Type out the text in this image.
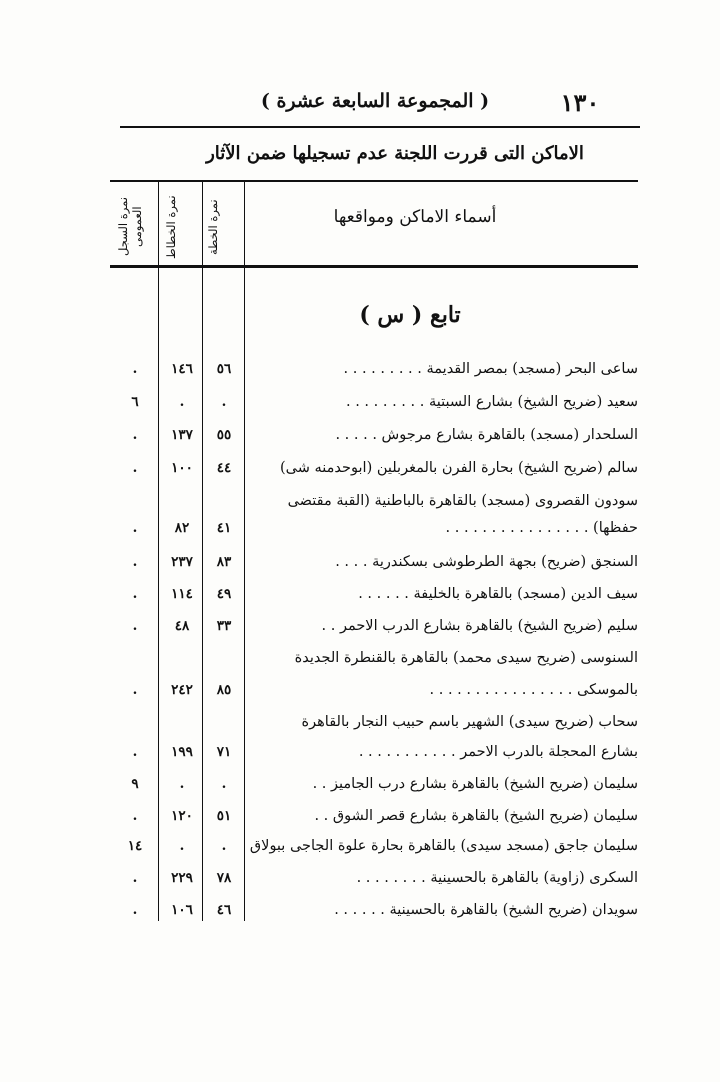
١٣٠
( المجموعة السابعة عشرة )
الاماكن التى قررت اللجنة عدم تسجيلها ضمن الآثار
أسماء الاماكن ومواقعها
نمرة الخطة
نمرة الخطاط
نمرة السجل العمومى
تابع ( س )
ساعى البحر (مسجد) بمصر القديمة . . . . . . . . .
٥٦
١٤٦
.
سعيد (ضريح الشيخ) بشارع السبتية . . . . . . . . .
.
.
٦
السلحدار (مسجد) بالقاهرة بشارع مرجوش . . . . .
٥٥
١٣٧
.
سالم (ضريح الشيخ) بحارة الفرن بالمغربلين (ابوحدمنه شى)
٤٤
١٠٠
.
سودون القصروى (مسجد) بالقاهرة بالباطنية (القبة مقتضى
حفظها) . . . . . . . . . . . . . . . .
٤١
٨٢
.
السنجق (ضريح) بجهة الطرطوشى بسكندرية . . . .
٨٣
٢٣٧
.
سيف الدين (مسجد) بالقاهرة بالخليفة . . . . . .
٤٩
١١٤
.
سليم (ضريح الشيخ) بالقاهرة بشارع الدرب الاحمر . .
٣٣
٤٨
.
السنوسى (ضريح سيدى محمد) بالقاهرة بالقنطرة الجديدة
بالموسكى . . . . . . . . . . . . . . . .
٨٥
٢٤٢
.
سحاب (ضريح سيدى) الشهير باسم حبيب النجار بالقاهرة
بشارع المحجلة بالدرب الاحمر . . . . . . . . . . .
٧١
١٩٩
.
سليمان (ضريح الشيخ) بالقاهرة بشارع درب الجاميز . .
.
.
٩
سليمان (ضريح الشيخ) بالقاهرة بشارع قصر الشوق . .
٥١
١٢٠
.
سليمان جاجق (مسجد سيدى) بالقاهرة بحارة علوة الجاجى ببولاق
.
.
١٤
السكرى (زاوية) بالقاهرة بالحسينية . . . . . . . .
٧٨
٢٢٩
.
سويدان (ضريح الشيخ) بالقاهرة بالحسينية . . . . . .
٤٦
١٠٦
.
